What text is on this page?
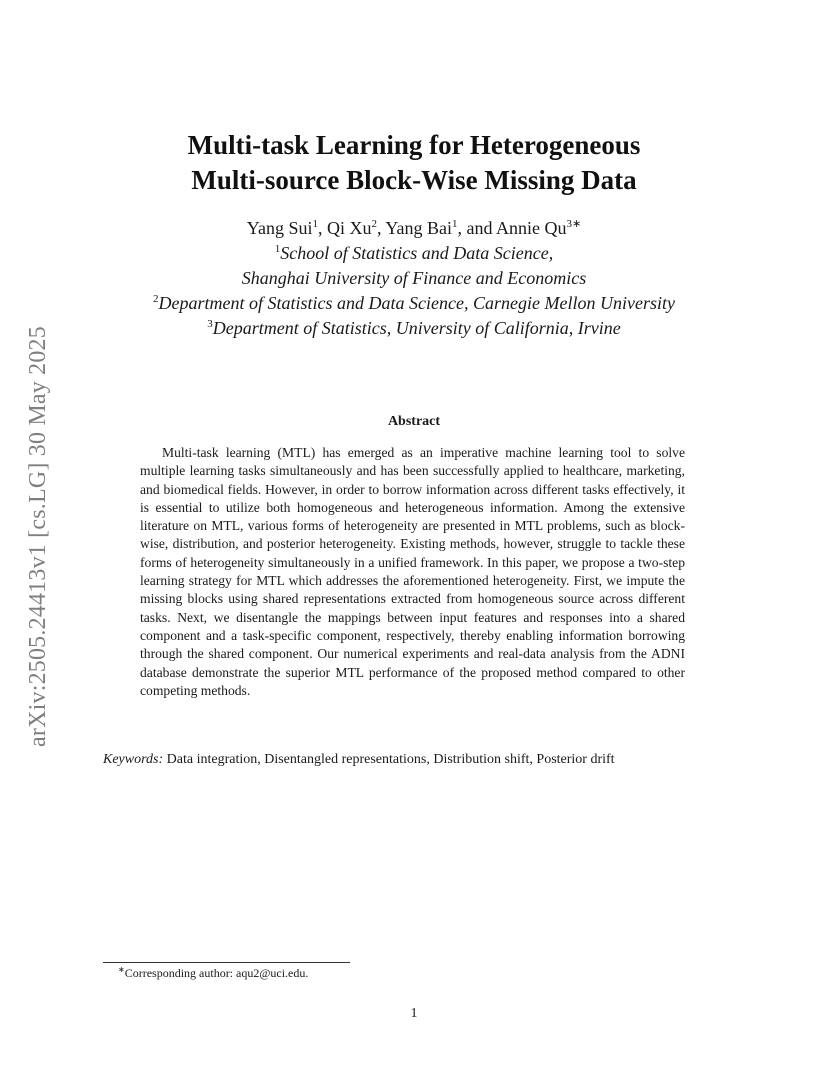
arXiv:2505.24413v1 [cs.LG] 30 May 2025
Multi-task Learning for Heterogeneous
Multi-source Block-Wise Missing Data
Yang Sui$^1$, Qi Xu$^2$, Yang Bai$^1$, and Annie $Qu^{3∗}$
$^1$School of Statistics and Data Science,
Shanghai University of Finance and Economics
$^2$Department of Statistics and Data Science, Carnegie Mellon University
$^3$Department of Statistics, University of California, Irvine
Abstract

Multi-task learning (MTL) has emerged as an imperative machine learning tool to solve multiple learning tasks simultaneously and has been successfully applied to healthcare, marketing, and biomedical fields. However, in order to borrow information across different tasks effectively, it is essential to utilize both homogeneous and heterogeneous information. Among the extensive literature on MTL, various forms of heterogeneity are presented in MTL problems, such as block-wise, distribution, and posterior heterogeneity. Existing methods, however, struggle to tackle these forms of heterogeneity simultaneously in a unified framework. In this paper, we propose a two-step learning strategy for MTL which addresses the aforementioned heterogeneity. First, we impute the missing blocks using shared representations extracted from homogeneous source across different tasks. Next, we disentangle the mappings between input features and responses into a shared component and a task-specific component, respectively, thereby enabling information borrowing through the shared component. Our numerical experiments and real-data analysis from the ADNI database demonstrate the superior MTL performance of the proposed method compared to other competing methods.

Keywords: Data integration, Disentangled representations, Distribution shift, Posterior drift
∗Corresponding author: aqu2@uci.edu.
1
